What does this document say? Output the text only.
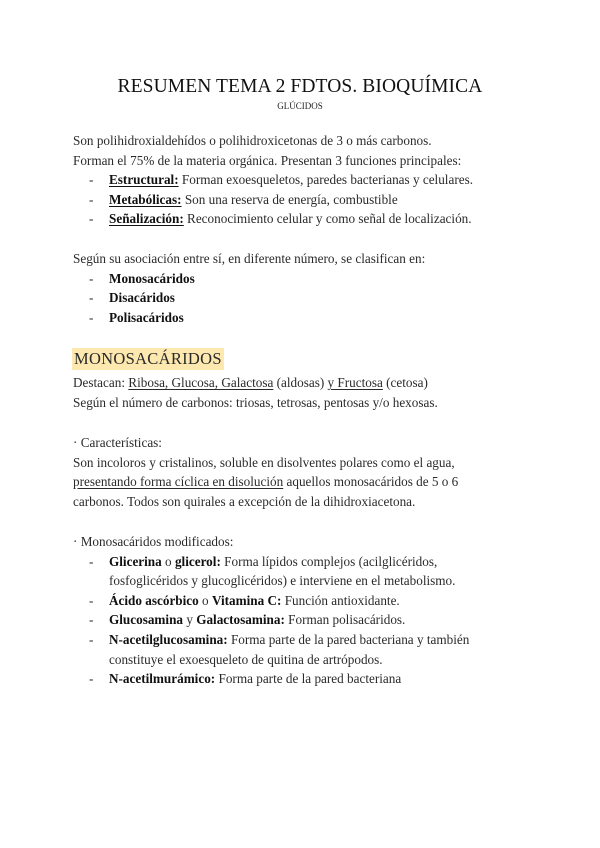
RESUMEN TEMA 2 FDTOS. BIOQUÍMICA
GLÚCIDOS
Son polihidroxialdehídos o polihidroxicetonas de 3 o más carbonos.
Forman el 75% de la materia orgánica. Presentan 3 funciones principales:
- Estructural: Forman exoesqueletos, paredes bacterianas y celulares.
- Metabólicas: Son una reserva de energía, combustible
- Señalización: Reconocimiento celular y como señal de localización.
Según su asociación entre sí, en diferente número, se clasifican en:
- Monosacáridos
- Disacáridos
- Polisacáridos
MONOSACÁRIDOS
Destacan: Ribosa, Glucosa, Galactosa (aldosas) y Fructosa (cetosa)
Según el número de carbonos: triosas, tetrosas, pentosas y/o hexosas.
· Características:
Son incoloros y cristalinos, soluble en disolventes polares como el agua,
presentando forma cíclica en disolución aquellos monosacáridos de 5 o 6
carbonos. Todos son quirales a excepción de la dihidroxiacetona.
· Monosacáridos modificados:
- Glicerina o glicerol: Forma lípidos complejos (acilglicéridos,
fosfoglicéridos y glucoglicéridos) e interviene en el metabolismo.
- Ácido ascórbico o Vitamina C: Función antioxidante.
- Glucosamina y Galactosamina: Forman polisacáridos.
- N-acetilglucosamina: Forma parte de la pared bacteriana y también
constituye el exoesqueleto de quitina de artrópodos.
- N-acetilmurámico: Forma parte de la pared bacteriana
